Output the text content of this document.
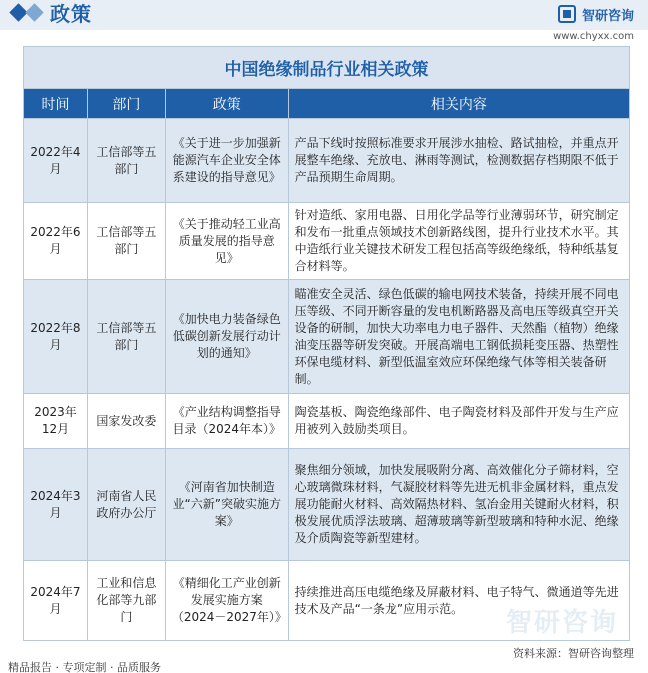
政策	智研咨询
www.chyxx.com
中国绝缘制品行业相关政策			
时间	部门	政策	相关内容
2022年4月	工信部等五部门	《关于进一步加强新能源汽车企业安全体系建设的指导意见》	产品下线时按照标准要求开展涉水抽检、路试抽检，并重点开展整车绝缘、充放电、淋雨等测试，检测数据存档期限不低于产品预期生命周期。
2022年6月	工信部等五部门	《关于推动轻工业高质量发展的指导意见》	针对造纸、家用电器、日用化学品等行业薄弱环节，研究制定和发布一批重点领域技术创新路线图，提升行业技术水平。其中造纸行业关键技术研发工程包括高等级绝缘纸，特种纸基复合材料等。
2022年8月	工信部等五部门	《加快电力装备绿色低碳创新发展行动计划的通知》	瞄准安全灵活、绿色低碳的输电网技术装备，持续开展不同电压等级、不同开断容量的发电机断路器及高电压等级真空开关设备的研制，加快大功率电力电子器件、天然酯（植物）绝缘油变压器等研发突破。开展高端电工钢低损耗变压器、热塑性环保电缆材料、新型低温室效应环保绝缘气体等相关装备研制。
2023年12月	国家发改委	《产业结构调整指导目录（2024年本）》	陶瓷基板、陶瓷绝缘部件、电子陶瓷材料及部件开发与生产应用被列入鼓励类项目。
2024年3月	河南省人民政府办公厅	《河南省加快制造业“六新”突破实施方案》	聚焦细分领域，加快发展吸附分离、高效催化分子筛材料，空心玻璃微珠材料，气凝胶材料等先进无机非金属材料，重点发展功能耐火材料、高效隔热材料、氢冶金用关键耐火材料，积极发展优质浮法玻璃、超薄玻璃等新型玻璃和特种水泥、绝缘及介质陶瓷等新型建材。
2024年7月	工业和信息化部等九部门	《精细化工产业创新发展实施方案（2024－2027年）》	持续推进高压电缆绝缘及屏蔽材料、电子特气、微通道等先进技术及产品“一条龙”应用示范。 智研咨询
资料来源：智研咨询整理
精品报告 · 专项定制 · 品质服务
